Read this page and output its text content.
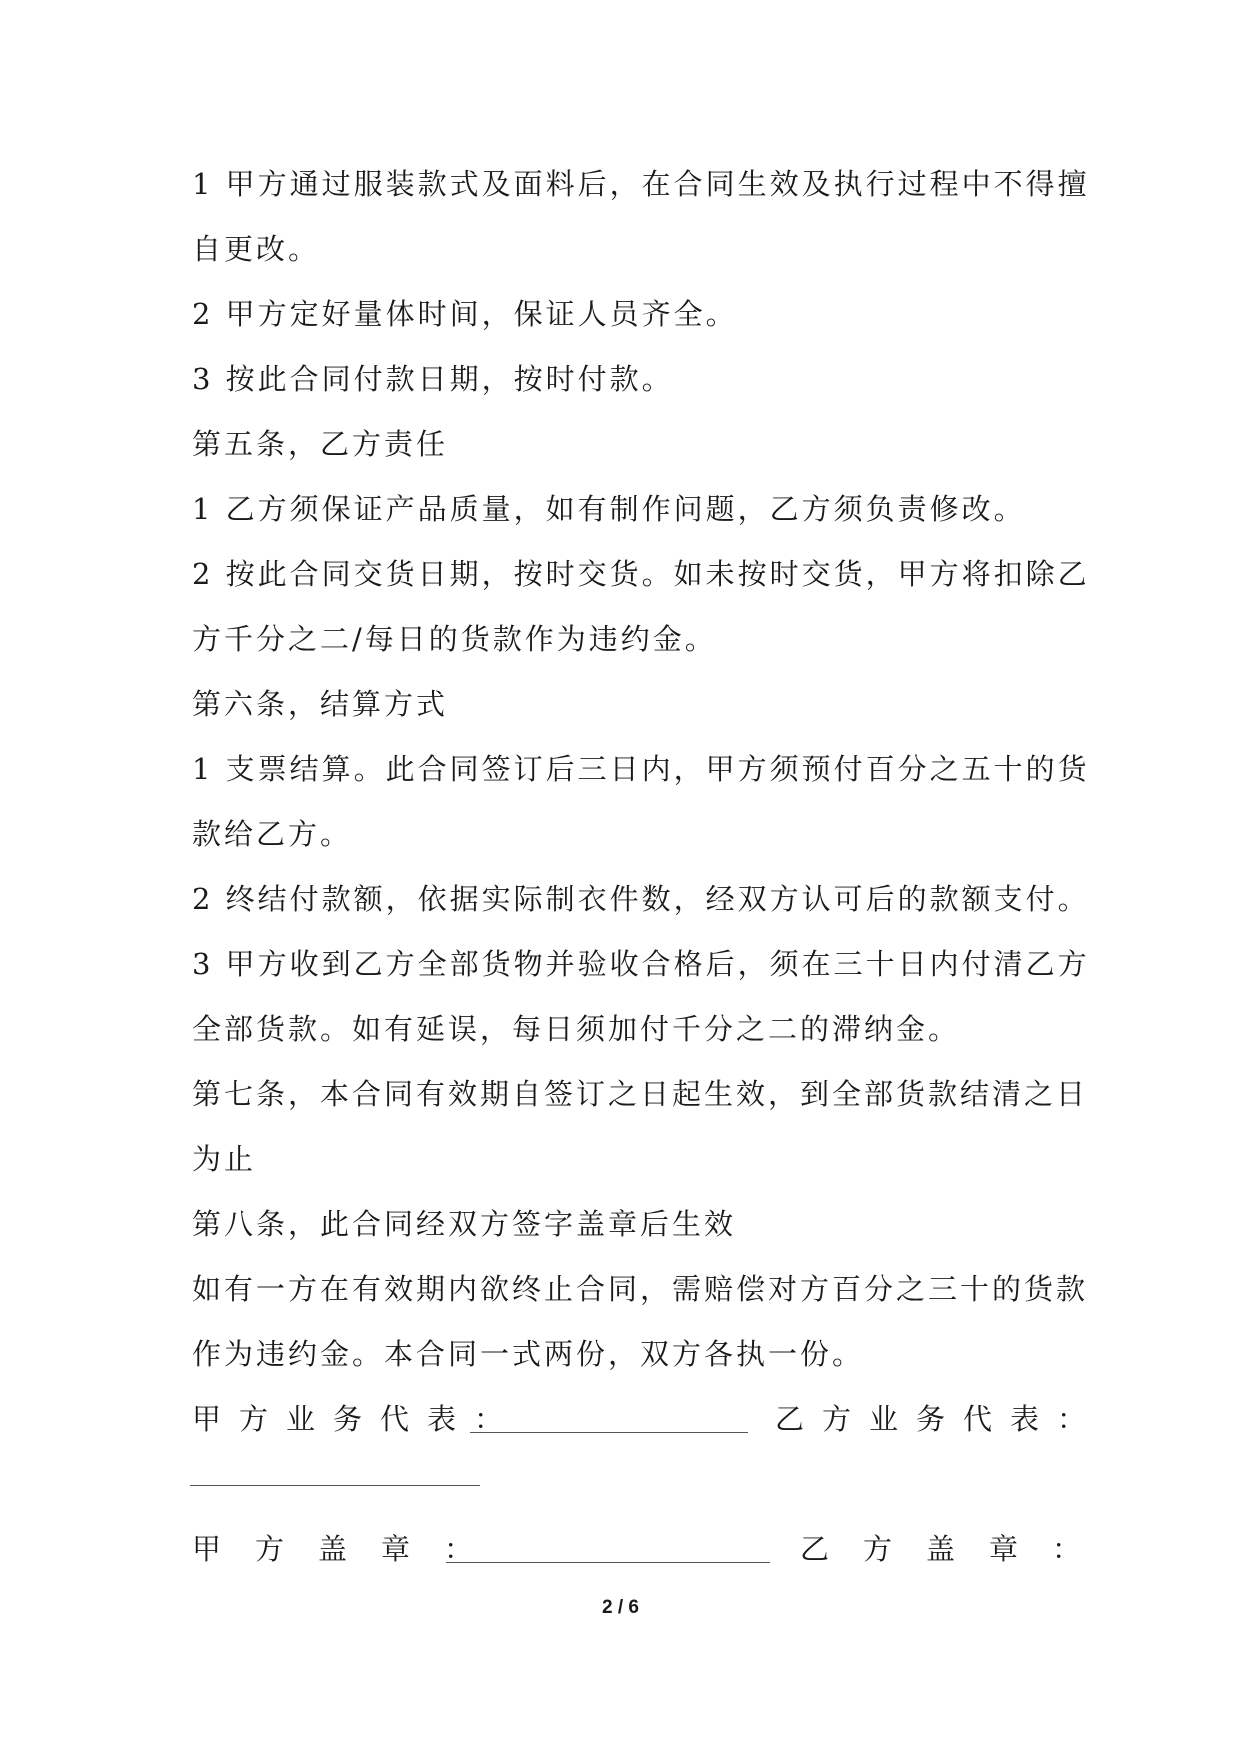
1 甲方通过服装款式及面料后，在合同生效及执行过程中不得擅
自更改。
2 甲方定好量体时间，保证人员齐全。
3 按此合同付款日期，按时付款。
第五条，乙方责任
1 乙方须保证产品质量，如有制作问题，乙方须负责修改。
2 按此合同交货日期，按时交货。如未按时交货，甲方将扣除乙
方千分之二/每日的货款作为违约金。
第六条，结算方式
1 支票结算。此合同签订后三日内，甲方须预付百分之五十的货
款给乙方。
2 终结付款额，依据实际制衣件数，经双方认可后的款额支付。
3 甲方收到乙方全部货物并验收合格后，须在三十日内付清乙方
全部货款。如有延误，每日须加付千分之二的滞纳金。
第七条，本合同有效期自签订之日起生效，到全部货款结清之日
为止
第八条，此合同经双方签字盖章后生效
如有一方在有效期内欲终止合同，需赔偿对方百分之三十的货款
作为违约金。本合同一式两份，双方各执一份。
甲方业务代表：	乙方业务代表：
甲方盖章：	乙方盖章：
2 / 6
